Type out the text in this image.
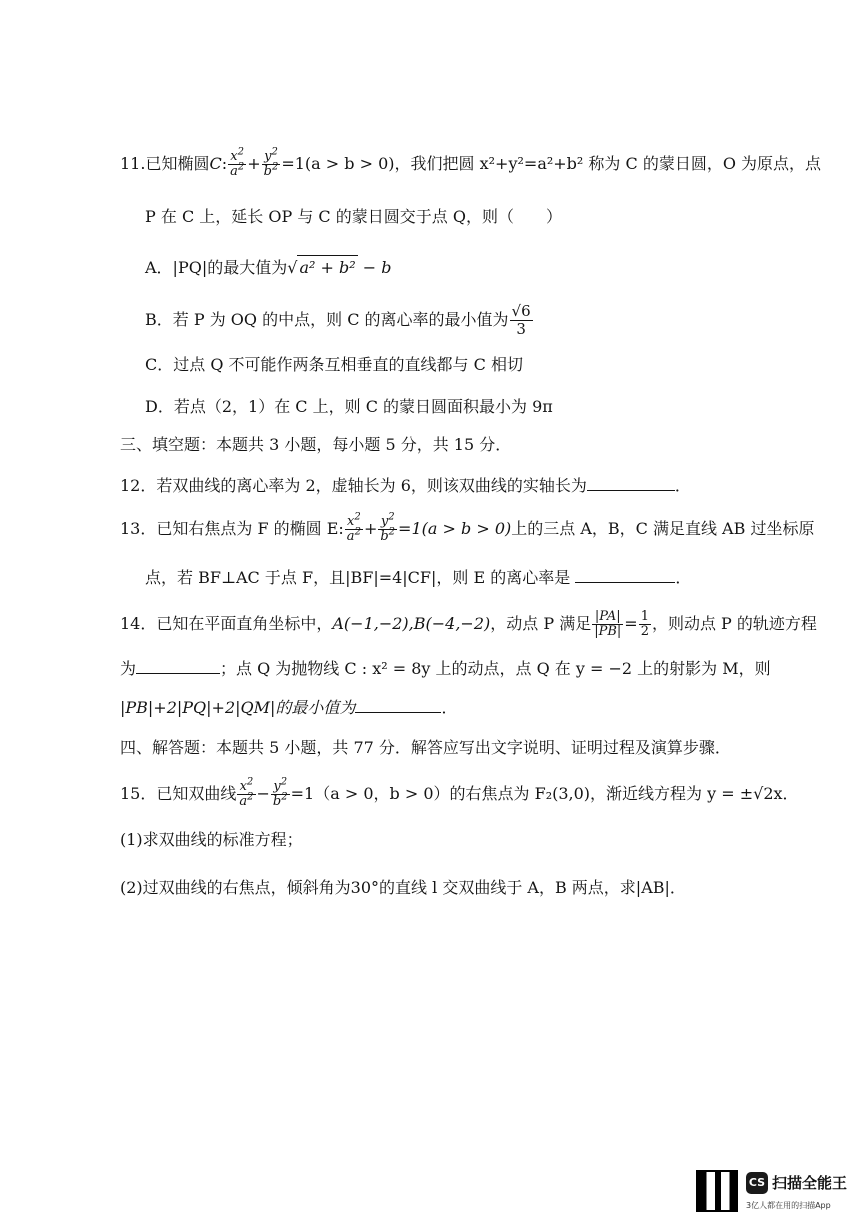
11.已知椭圆C: $\frac{x^2}{a^2} + \frac{y^2}{b^2} =1(a > b > 0)$，我们把圆 x²+y²=a²+b² 称为 C 的蒙日圆，O 为原点，点
P 在 C 上，延长 OP 与 C 的蒙日圆交于点 Q，则（　　）
A．|PQ|的最大值为√ a² + b² − b
B．若 P 为 OQ 的中点，则 C 的离心率的最小值为 $\frac{√6}{3}$
C．过点 Q 不可能作两条互相垂直的直线都与 C 相切
D．若点（2，1）在 C 上，则 C 的蒙日圆面积最小为 9π
三、填空题：本题共 3 小题，每小题 5 分，共 15 分．
12．若双曲线的离心率为 2，虚轴长为 6，则该双曲线的实轴长为	．
13．已知右焦点为 F 的椭圆 E: $\frac{x^2}{a^2} + \frac{y^2}{b^2} =1(a > b > 0)$上的三点 A，B，C 满足直线 AB 过坐标原
点，若 BF⊥AC 于点 F，且|BF|=4|CF|，则 E 的离心率是	．
14．已知在平面直角坐标中，A(−1,−2),B(−4,−2)，动点 P 满足 $\frac{|PA|}{|PB|} = \frac{1}{2}$ ，则动点 P 的轨迹方程
为	；点 Q 为抛物线 C : x² = 8y 上的动点，点 Q 在 y = −2 上的射影为 M，则
|PB|+2|PQ|+2|QM|的最小值为	．
四、解答题：本题共 5 小题，共 77 分．解答应写出文字说明、证明过程及演算步骤．
15．已知双曲线 $\frac{x^2}{a^2} - \frac{y^2}{b^2} =1(a > 0$，b > 0）的右焦点为 F₂(3,0)，渐近线方程为 y = ±√2x．
(1)求双曲线的标准方程；
(2)过双曲线的右焦点，倾斜角为30°的直线 l 交双曲线于 A，B 两点，求|AB|．
CS 扫描全能王
3亿人都在用的扫描App
